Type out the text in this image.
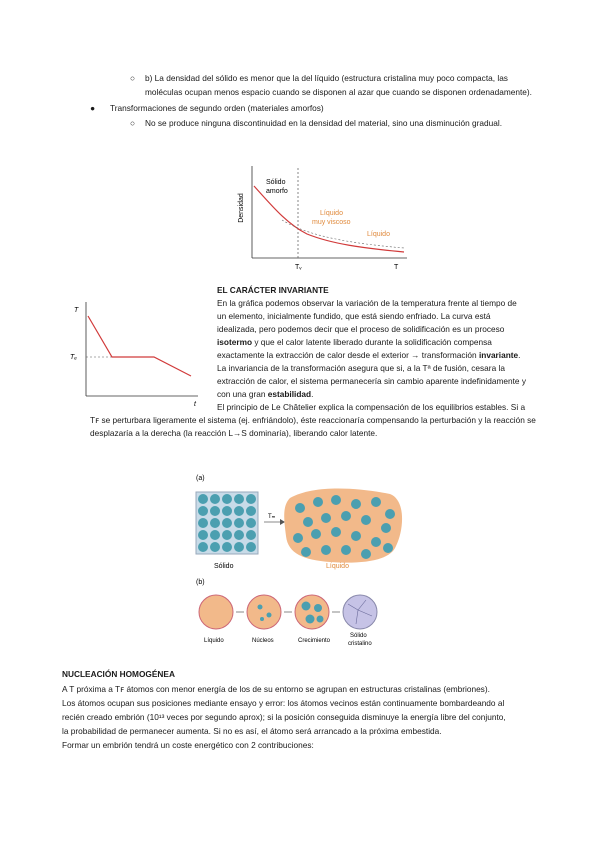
○ b) La densidad del sólido es menor que la del líquido (estructura cristalina muy poco compacta, las

moléculas ocupan menos espacio cuando se disponen al azar que cuando se disponen ordenadamente).

● Transformaciones de segundo orden (materiales amorfos)

○ No se produce ninguna discontinuidad en la densidad del material, sino una disminución gradual.

Densidad
Sólido
amorfo
Líquido
muy viscoso
Líquido
Tᵥ	T

EL CARÁCTER INVARIANTE

En la gráfica podemos observar la variación de la temperatura frente al tiempo de

un elemento, inicialmente fundido, que está siendo enfriado. La curva está

idealizada, pero podemos decir que el proceso de solidificación es un proceso

isotermo y que el calor latente liberado durante la solidificación compensa

exactamente la extracción de calor desde el exterior → transformación invariante.

La invariancia de la transformación asegura que si, a la Tª de fusión, cesara la

extracción de calor, el sistema permanecería sin cambio aparente indefinidamente y

con una gran estabilidad.

El principio de Le Châtelier explica la compensación de los equilibrios estables. Si a

Tꜰ se perturbara ligeramente el sistema (ej. enfriándolo), éste reaccionaría compensando la perturbación y la reacción se

desplazaría a la derecha (la reacción L→S dominaría), liberando calor latente.

T
Tₑ
t
(a)
Sólido
Tₘ
Líquido
(b)
Líquido	Núcleos	Crecimiento
Sólido
cristalino

NUCLEACIÓN HOMOGÉNEA

A T próxima a Tꜰ átomos con menor energía de los de su entorno se agrupan en estructuras cristalinas (embriones).

Los átomos ocupan sus posiciones mediante ensayo y error: los átomos vecinos están continuamente bombardeando al

recién creado embrión (10¹³ veces por segundo aprox); si la posición conseguida disminuye la energía libre del conjunto,

la probabilidad de permanecer aumenta. Si no es así, el átomo será arrancado a la próxima embestida.

Formar un embrión tendrá un coste energético con 2 contribuciones:
